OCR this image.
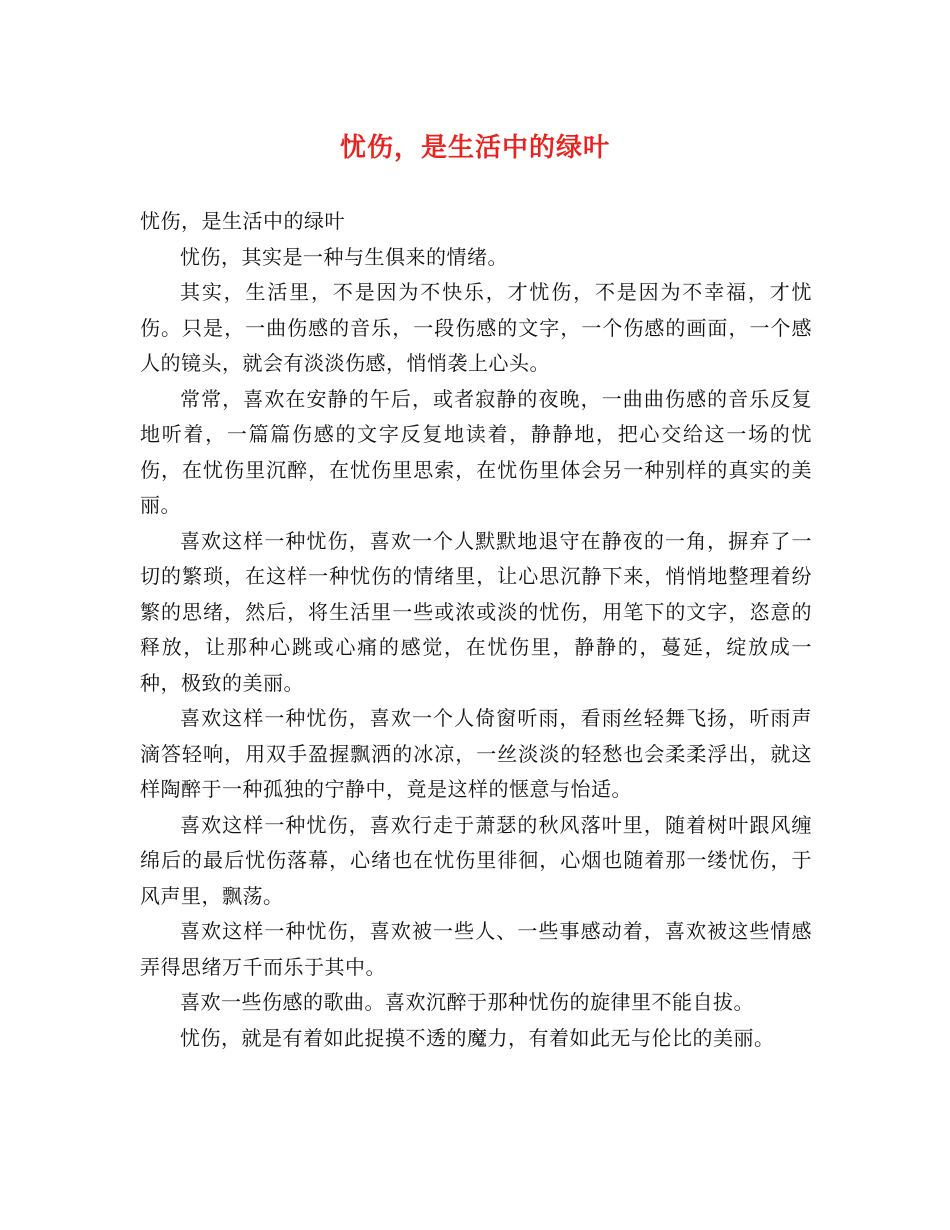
忧伤，是生活中的绿叶

忧伤，是生活中的绿叶

忧伤，其实是一种与生俱来的情绪。

其实，生活里，不是因为不快乐，才忧伤，不是因为不幸福，才忧伤。只是，一曲伤感的音乐，一段伤感的文字，一个伤感的画面，一个感人的镜头，就会有淡淡伤感，悄悄袭上心头。

常常，喜欢在安静的午后，或者寂静的夜晚，一曲曲伤感的音乐反复地听着，一篇篇伤感的文字反复地读着，静静地，把心交给这一场的忧伤，在忧伤里沉醉，在忧伤里思索，在忧伤里体会另一种别样的真实的美丽。

喜欢这样一种忧伤，喜欢一个人默默地退守在静夜的一角，摒弃了一切的繁琐，在这样一种忧伤的情绪里，让心思沉静下来，悄悄地整理着纷繁的思绪，然后，将生活里一些或浓或淡的忧伤，用笔下的文字，恣意的释放，让那种心跳或心痛的感觉，在忧伤里，静静的，蔓延，绽放成一种，极致的美丽。

喜欢这样一种忧伤，喜欢一个人倚窗听雨，看雨丝轻舞飞扬，听雨声滴答轻响，用双手盈握飘洒的冰凉，一丝淡淡的轻愁也会柔柔浮出，就这样陶醉于一种孤独的宁静中，竟是这样的惬意与怡适。

喜欢这样一种忧伤，喜欢行走于萧瑟的秋风落叶里，随着树叶跟风缠绵后的最后忧伤落幕，心绪也在忧伤里徘徊，心烟也随着那一缕忧伤，于风声里，飘荡。

喜欢这样一种忧伤，喜欢被一些人、一些事感动着，喜欢被这些情感弄得思绪万千而乐于其中。

喜欢一些伤感的歌曲。喜欢沉醉于那种忧伤的旋律里不能自拔。

忧伤，就是有着如此捉摸不透的魔力，有着如此无与伦比的美丽。
